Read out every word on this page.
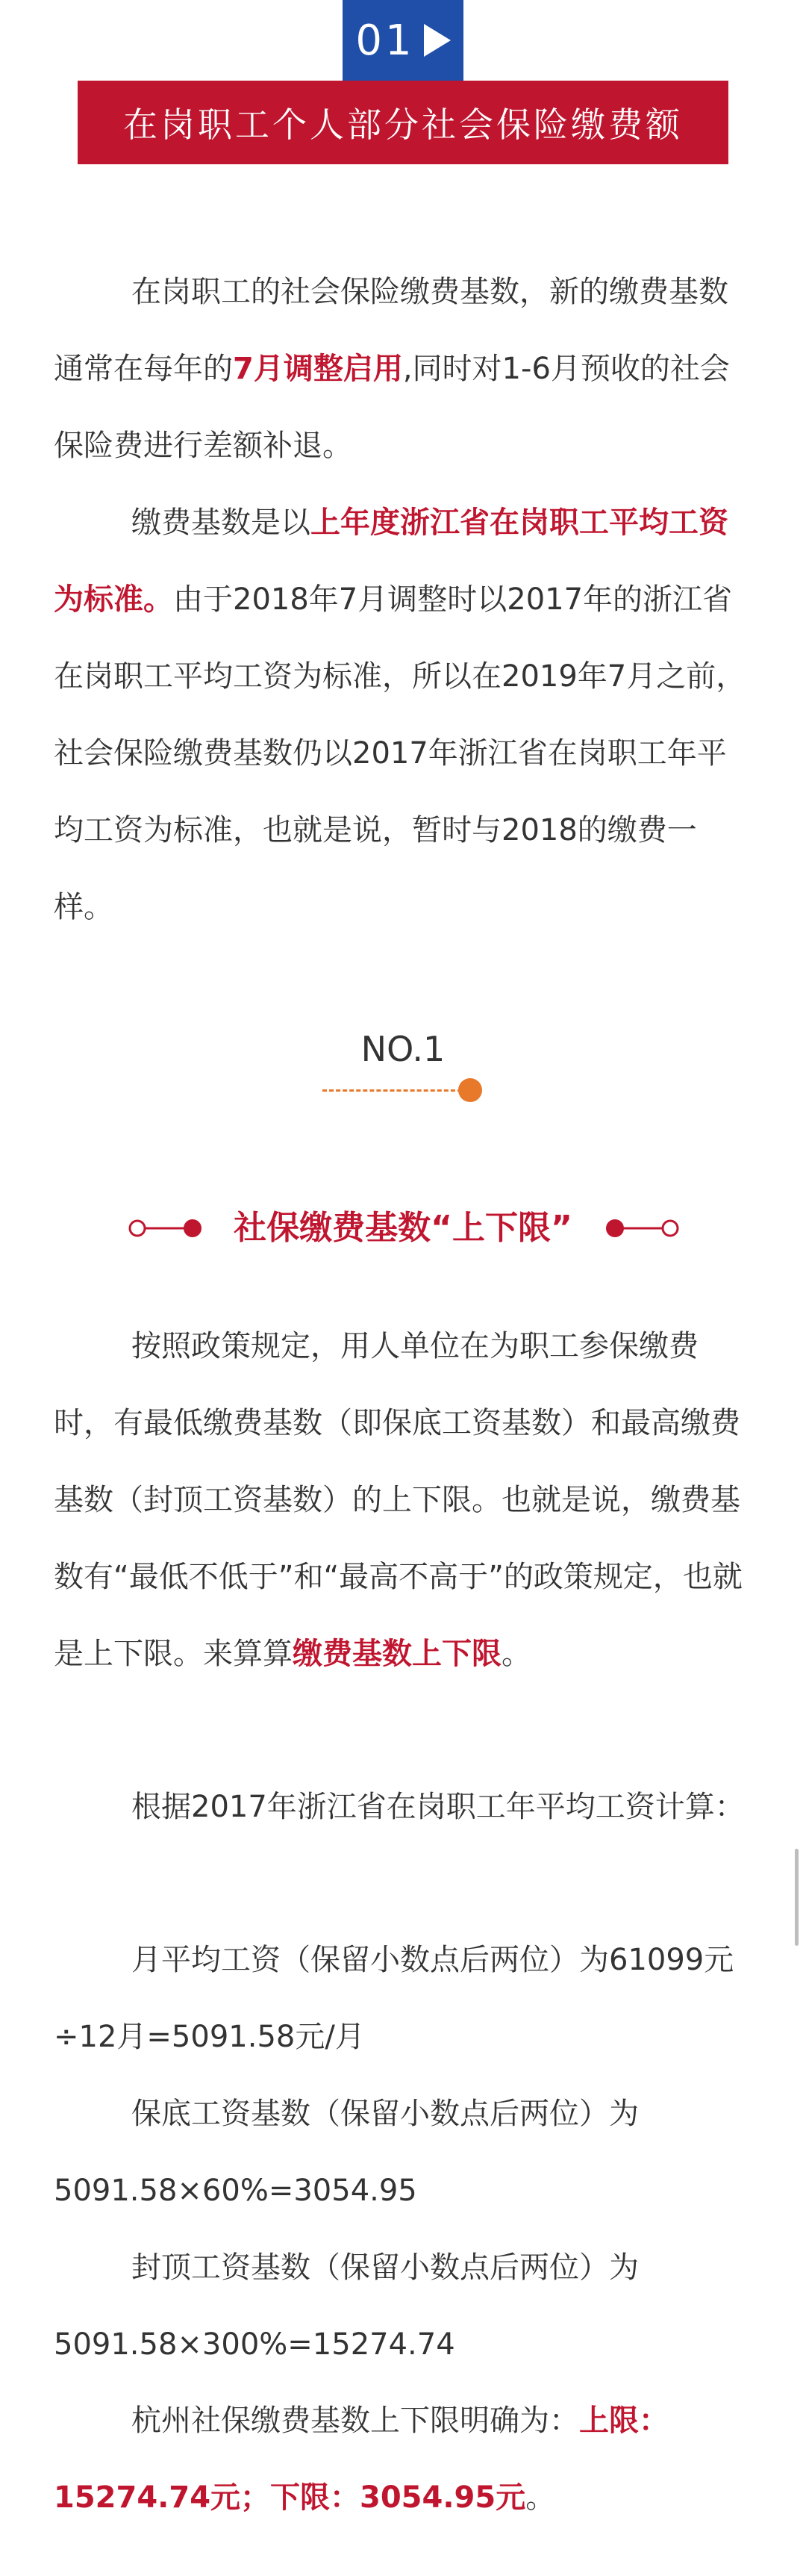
01
在岗职工个人部分社会保险缴费额

在岗职工的社会保险缴费基数，新的缴费基数通常在每年的7月调整启用,同时对1-6月预收的社会保险费进行差额补退。

缴费基数是以上年度浙江省在岗职工平均工资为标准。由于2018年7月调整时以2017年的浙江省在岗职工平均工资为标准，所以在2019年7月之前，社会保险缴费基数仍以2017年浙江省在岗职工年平均工资为标准，也就是说，暂时与2018的缴费一样。

NO.1
社保缴费基数“上下限”

按照政策规定，用人单位在为职工参保缴费时，有最低缴费基数（即保底工资基数）和最高缴费基数（封顶工资基数）的上下限。也就是说，缴费基数有“最低不低于”和“最高不高于”的政策规定，也就是上下限。来算算缴费基数上下限。

根据2017年浙江省在岗职工年平均工资计算：

月平均工资（保留小数点后两位）为61099元÷12月=5091.58元/月

保底工资基数（保留小数点后两位）为5091.58×60%=3054.95

封顶工资基数（保留小数点后两位）为5091.58×300%=15274.74

杭州社保缴费基数上下限明确为：上限：15274.74元；下限：3054.95元。
